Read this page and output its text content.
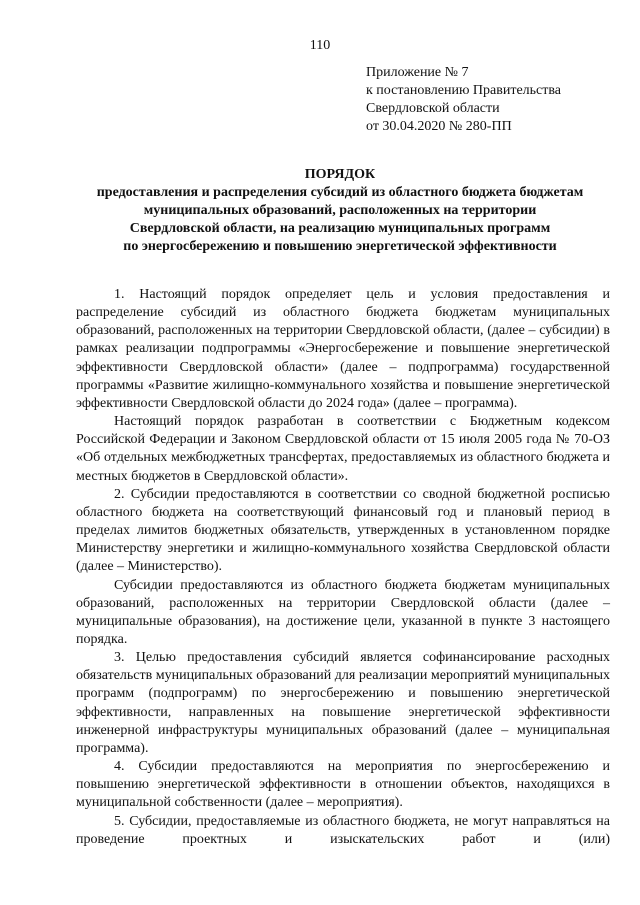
110
Приложение № 7
к постановлению Правительства
Свердловской области
от 30.04.2020 № 280-ПП
ПОРЯДОК
предоставления и распределения субсидий из областного бюджета бюджетам
муниципальных образований, расположенных на территории
Свердловской области, на реализацию муниципальных программ
по энергосбережению и повышению энергетической эффективности

1. Настоящий порядок определяет цель и условия предоставления и распределение субсидий из областного бюджета бюджетам муниципальных образований, расположенных на территории Свердловской области, (далее – субсидии) в рамках реализации подпрограммы «Энергосбережение и повышение энергетической эффективности Свердловской области» (далее – подпрограмма) государственной программы «Развитие жилищно-коммунального хозяйства и повышение энергетической эффективности Свердловской области до 2024 года» (далее – программа).

Настоящий порядок разработан в соответствии с Бюджетным кодексом Российской Федерации и Законом Свердловской области от 15 июля 2005 года № 70-ОЗ «Об отдельных межбюджетных трансфертах, предоставляемых из областного бюджета и местных бюджетов в Свердловской области».

2. Субсидии предоставляются в соответствии со сводной бюджетной росписью областного бюджета на соответствующий финансовый год и плановый период в пределах лимитов бюджетных обязательств, утвержденных в установленном порядке Министерству энергетики и жилищно-коммунального хозяйства Свердловской области (далее – Министерство).

Субсидии предоставляются из областного бюджета бюджетам муниципальных образований, расположенных на территории Свердловской области (далее – муниципальные образования), на достижение цели, указанной в пункте 3 настоящего порядка.

3. Целью предоставления субсидий является софинансирование расходных обязательств муниципальных образований для реализации мероприятий муниципальных программ (подпрограмм) по энергосбережению и повышению энергетической эффективности, направленных на повышение энергетической эффективности инженерной инфраструктуры муниципальных образований (далее – муниципальная программа).

4. Субсидии предоставляются на мероприятия по энергосбережению и повышению энергетической эффективности в отношении объектов, находящихся в муниципальной собственности (далее – мероприятия).

5. Субсидии, предоставляемые из областного бюджета, не могут направляться на проведение проектных и изыскательских работ и (или)
